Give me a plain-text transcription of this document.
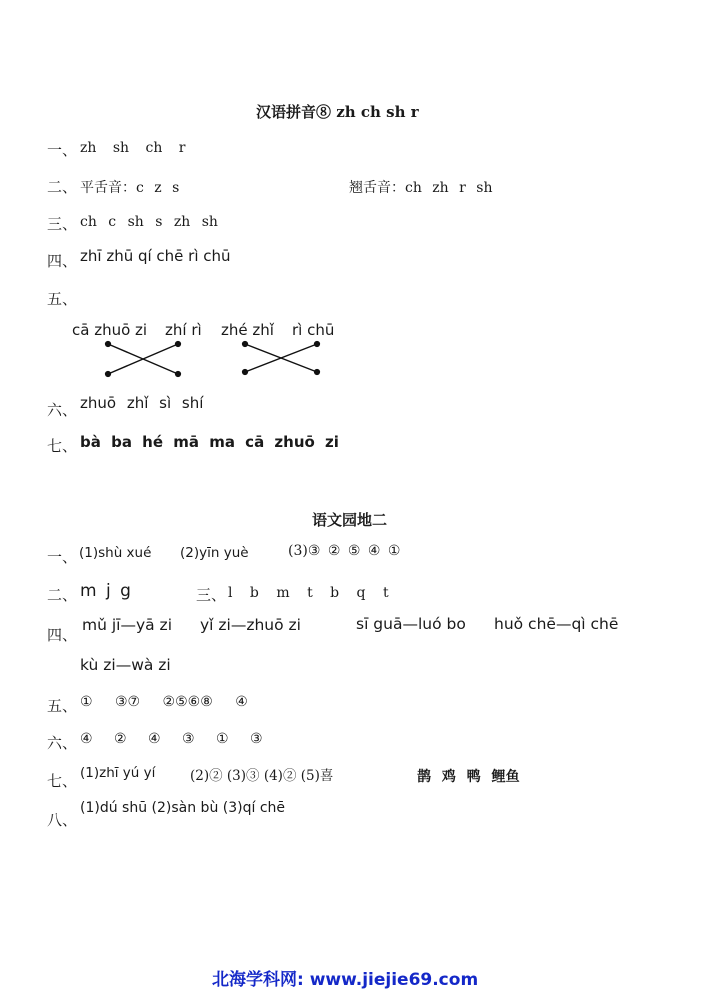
汉语拼音⑧ zh ch sh r
一、 zh sh ch r
二、 平舌音：c z s	翘舌音：ch zh r sh
三、 ch c sh s zh sh
四、 zhī zhū qí chē rì chū
五、
cā zhuō zi zhí rì zhé zhǐ rì chū
六、 zhuō zhǐ sì shí
七、 bà ba hé mā ma cā zhuō zi
语文园地二
一、 (1)shù xué (2)yīn yuè	(3)③ ② ⑤ ④ ①
二、 m j g	三、 l b m t b q t
四、
mǔ jī—yā zi yǐ zi—zhuō zi	sī guā—luó bo huǒ chē—qì chē
kù zi—wà zi
五、 ① ③⑦ ②⑤⑥⑧ ④
六、 ④ ② ④ ③ ① ③
七、 (1)zhī yú yí	(2)② (3)③ (4)② (5)喜	鹊 鸡 鸭 鲤鱼
八、
(1)dú shū (2)sàn bù (3)qí chē
北海学科网: www.jiejie69.com
